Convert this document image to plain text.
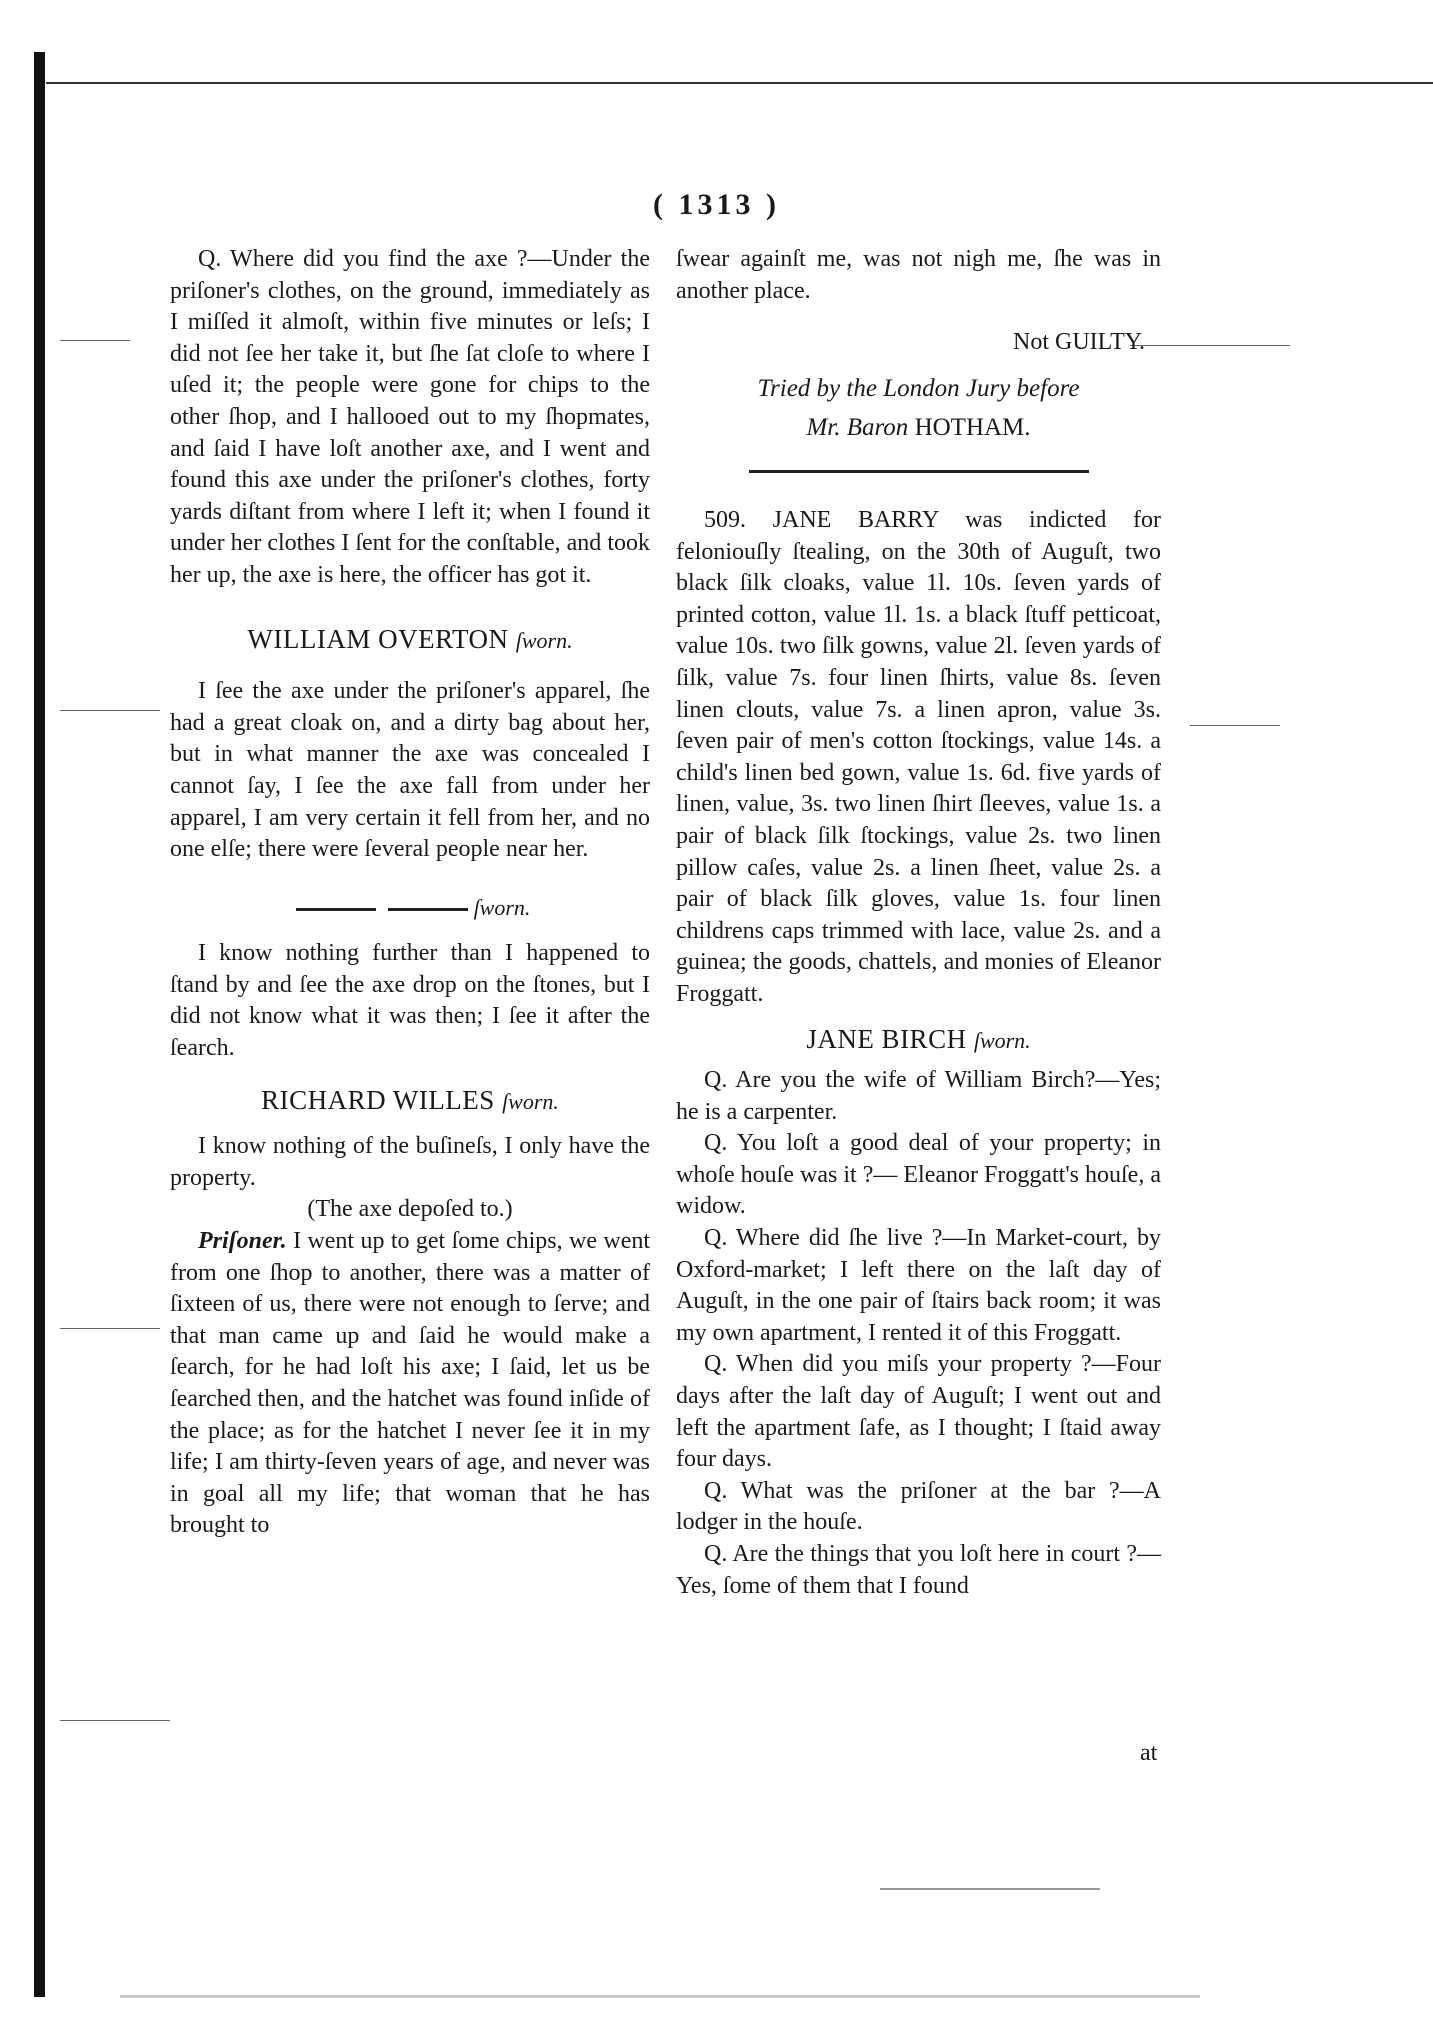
( 1313 )

Q. Where did you find the axe ?—Under the priſoner's clothes, on the ground, immediately as I miſſed it almoſt, within five minutes or leſs; I did not ſee her take it, but ſhe ſat cloſe to where I uſed it; the people were gone for chips to the other ſhop, and I hallooed out to my ſhopmates, and ſaid I have loſt another axe, and I went and found this axe under the priſoner's clothes, forty yards diſtant from where I left it; when I found it under her clothes I ſent for the conſtable, and took her up, the axe is here, the officer has got it.

WILLIAM OVERTON ſworn.

I ſee the axe under the priſoner's apparel, ſhe had a great cloak on, and a dirty bag about her, but in what manner the axe was concealed I cannot ſay, I ſee the axe fall from under her apparel, I am very certain it fell from her, and no one elſe; there were ſeveral people near her.

ſworn.

I know nothing further than I happened to ſtand by and ſee the axe drop on the ſtones, but I did not know what it was then; I ſee it after the ſearch.

RICHARD WILLES ſworn.

I know nothing of the buſineſs, I only have the property.

(The axe depoſed to.)

Priſoner. I went up to get ſome chips, we went from one ſhop to another, there was a matter of ſixteen of us, there were not enough to ſerve; and that man came up and ſaid he would make a ſearch, for he had loſt his axe; I ſaid, let us be ſearched then, and the hatchet was found inſide of the place; as for the hatchet I never ſee it in my life; I am thirty-ſeven years of age, and never was in goal all my life; that woman that he has brought to

ſwear againſt me, was not nigh me, ſhe was in another place.

Not GUILTY.

Tried by the London Jury before

Mr. Baron HOTHAM.

509. JANE BARRY was indicted for feloniouſly ſtealing, on the 30th of Auguſt, two black ſilk cloaks, value 1l. 10s. ſeven yards of printed cotton, value 1l. 1s. a black ſtuff petticoat, value 10s. two ſilk gowns, value 2l. ſeven yards of ſilk, value 7s. four linen ſhirts, value 8s. ſeven linen clouts, value 7s. a linen apron, value 3s. ſeven pair of men's cotton ſtockings, value 14s. a child's linen bed gown, value 1s. 6d. five yards of linen, value, 3s. two linen ſhirt ſleeves, value 1s. a pair of black ſilk ſtockings, value 2s. two linen pillow caſes, value 2s. a linen ſheet, value 2s. a pair of black ſilk gloves, value 1s. four linen childrens caps trimmed with lace, value 2s. and a guinea; the goods, chattels, and monies of Eleanor Froggatt.

JANE BIRCH ſworn.

Q. Are you the wife of William Birch?—Yes; he is a carpenter.

Q. You loſt a good deal of your property; in whoſe houſe was it ?— Eleanor Froggatt's houſe, a widow.

Q. Where did ſhe live ?—In Market-court, by Oxford-market; I left there on the laſt day of Auguſt, in the one pair of ſtairs back room; it was my own apartment, I rented it of this Froggatt.

Q. When did you miſs your property ?—Four days after the laſt day of Auguſt; I went out and left the apartment ſafe, as I thought; I ſtaid away four days.

Q. What was the priſoner at the bar ?—A lodger in the houſe.

Q. Are the things that you loſt here in court ?—Yes, ſome of them that I found

at
